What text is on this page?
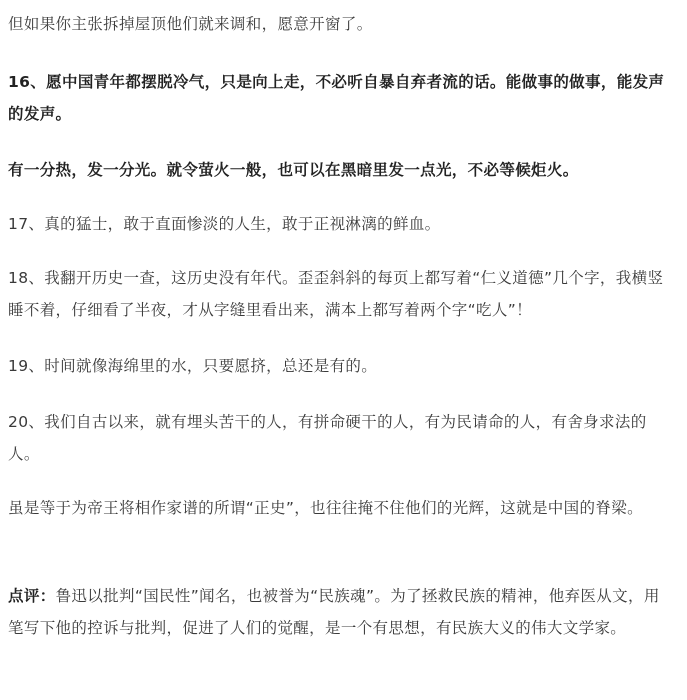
但如果你主张拆掉屋顶他们就来调和，愿意开窗了。

16、愿中国青年都摆脱冷气，只是向上走，不必听自暴自弃者流的话。能做事的做事，能发声的发声。

有一分热，发一分光。就令萤火一般，也可以在黑暗里发一点光，不必等候炬火。

17、真的猛士，敢于直面惨淡的人生，敢于正视淋漓的鲜血。

18、我翻开历史一查，这历史没有年代。歪歪斜斜的每页上都写着“仁义道德”几个字，我横竖睡不着，仔细看了半夜，才从字缝里看出来，满本上都写着两个字“吃人”！

19、时间就像海绵里的水，只要愿挤，总还是有的。

20、我们自古以来，就有埋头苦干的人，有拼命硬干的人，有为民请命的人，有舍身求法的人。

虽是等于为帝王将相作家谱的所谓“正史”，也往往掩不住他们的光辉，这就是中国的脊梁。

点评：鲁迅以批判“国民性”闻名，也被誉为“民族魂”。为了拯救民族的精神，他弃医从文，用笔写下他的控诉与批判，促进了人们的觉醒，是一个有思想，有民族大义的伟大文学家。
